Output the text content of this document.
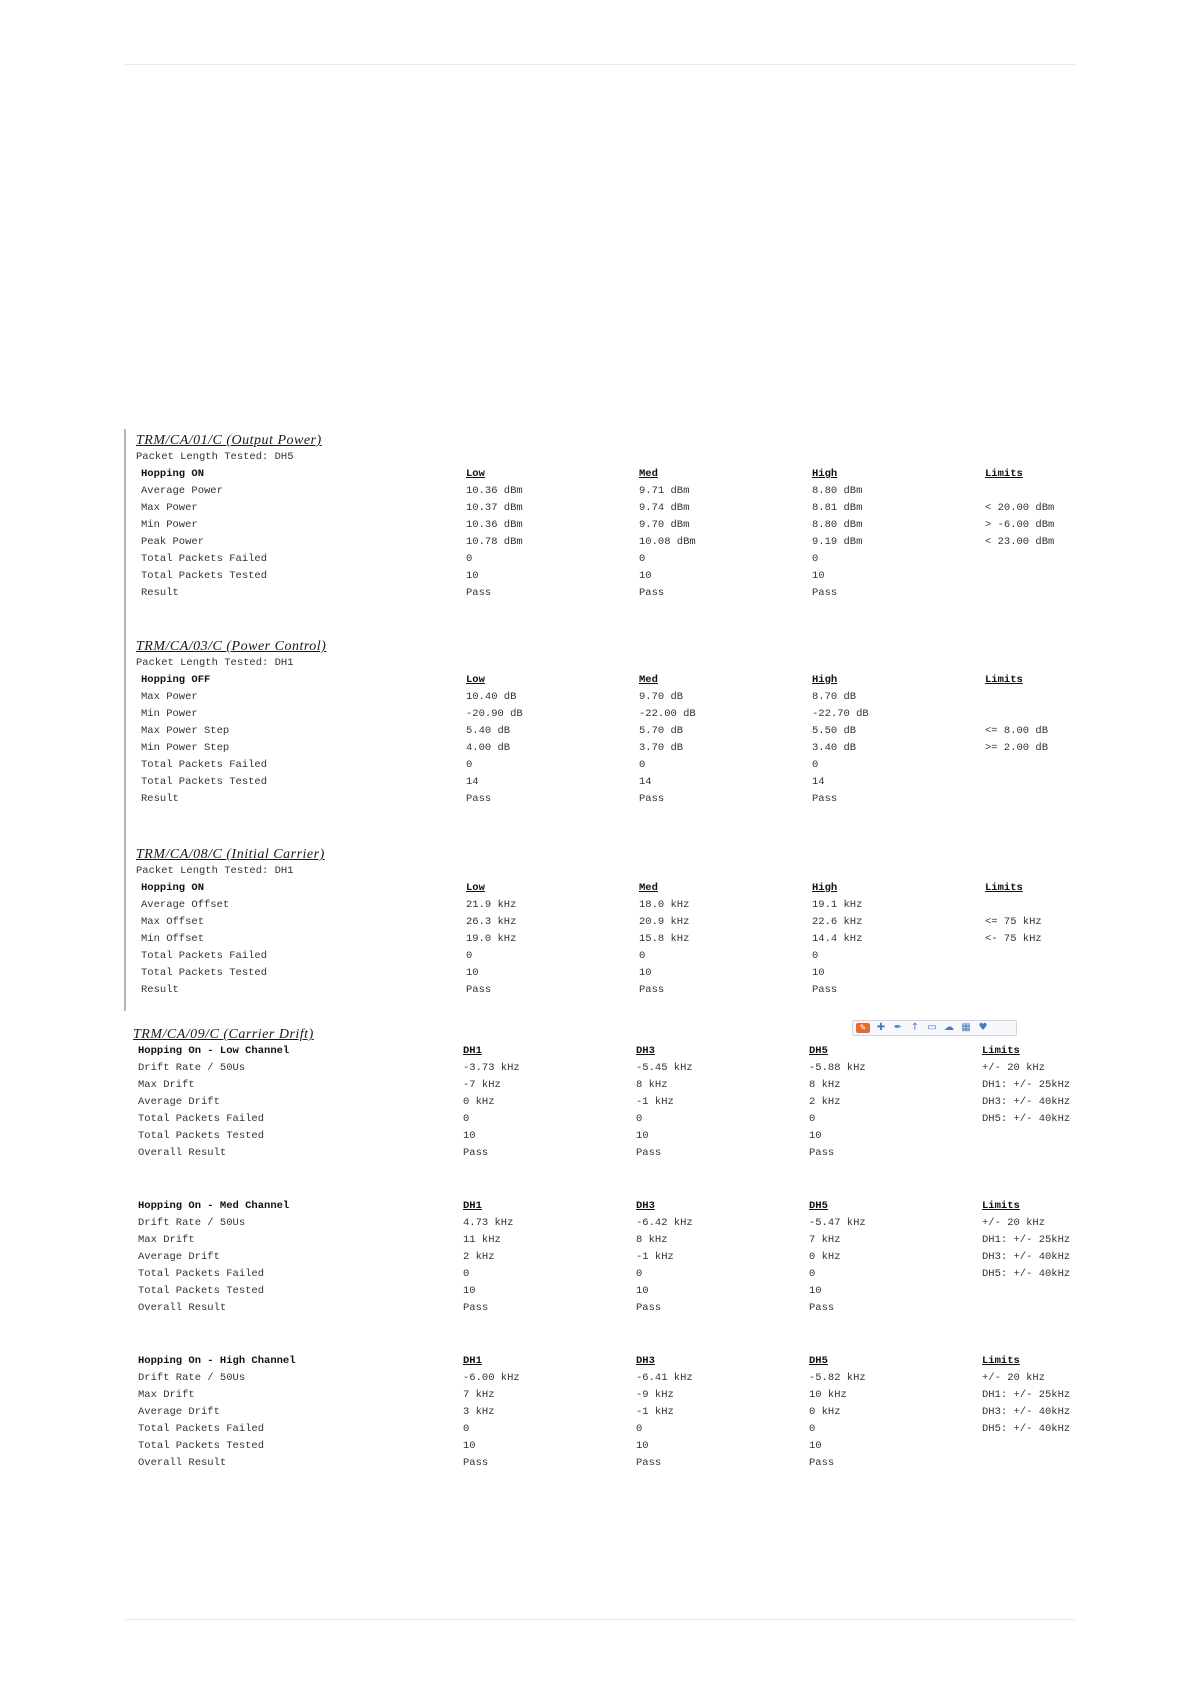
TRM/CA/01/C (Output Power)
Packet Length Tested: DH5
Hopping ON	Low	Med	High	Limits
Average Power	10.36 dBm	9.71 dBm	8.80 dBm
Max Power	10.37 dBm	9.74 dBm	8.81 dBm	< 20.00 dBm
Min Power	10.36 dBm	9.70 dBm	8.80 dBm	> -6.00 dBm
Peak Power	10.78 dBm	10.08 dBm	9.19 dBm	< 23.00 dBm
Total Packets Failed	0	0	0
Total Packets Tested	10	10	10
Result	Pass	Pass	Pass
TRM/CA/03/C (Power Control)
Packet Length Tested: DH1
Hopping OFF	Low	Med	High	Limits
Max Power	10.40 dB	9.70 dB	8.70 dB
Min Power	-20.90 dB	-22.00 dB	-22.70 dB
Max Power Step	5.40 dB	5.70 dB	5.50 dB	<= 8.00 dB
Min Power Step	4.00 dB	3.70 dB	3.40 dB	>= 2.00 dB
Total Packets Failed	0	0	0
Total Packets Tested	14	14	14
Result	Pass	Pass	Pass
TRM/CA/08/C (Initial Carrier)
Packet Length Tested: DH1
Hopping ON	Low	Med	High	Limits
Average Offset	21.9 kHz	18.0 kHz	19.1 kHz
Max Offset	26.3 kHz	20.9 kHz	22.6 kHz	<= 75 kHz
Min Offset	19.0 kHz	15.8 kHz	14.4 kHz	<- 75 kHz
Total Packets Failed	0	0	0
Total Packets Tested	10	10	10
Result	Pass	Pass	Pass
✎	✚ ✒ ↑ ▭ ☁ ▦ ♥
TRM/CA/09/C (Carrier Drift)
Hopping On - Low Channel	DH1	DH3	DH5	Limits
Drift Rate / 50Us	-3.73 kHz	-5.45 kHz	-5.88 kHz	+/- 20 kHz
Max Drift	-7 kHz	8 kHz	8 kHz	DH1: +/- 25kHz
Average Drift	0 kHz	-1 kHz	2 kHz	DH3: +/- 40kHz
Total Packets Failed	0	0	0	DH5: +/- 40kHz
Total Packets Tested	10	10	10
Overall Result	Pass	Pass	Pass
Hopping On - Med Channel	DH1	DH3	DH5	Limits
Drift Rate / 50Us	4.73 kHz	-6.42 kHz	-5.47 kHz	+/- 20 kHz
Max Drift	11 kHz	8 kHz	7 kHz	DH1: +/- 25kHz
Average Drift	2 kHz	-1 kHz	0 kHz	DH3: +/- 40kHz
Total Packets Failed	0	0	0	DH5: +/- 40kHz
Total Packets Tested	10	10	10
Overall Result	Pass	Pass	Pass
Hopping On - High Channel	DH1	DH3	DH5	Limits
Drift Rate / 50Us	-6.00 kHz	-6.41 kHz	-5.82 kHz	+/- 20 kHz
Max Drift	7 kHz	-9 kHz	10 kHz	DH1: +/- 25kHz
Average Drift	3 kHz	-1 kHz	0 kHz	DH3: +/- 40kHz
Total Packets Failed	0	0	0	DH5: +/- 40kHz
Total Packets Tested	10	10	10
Overall Result	Pass	Pass	Pass
